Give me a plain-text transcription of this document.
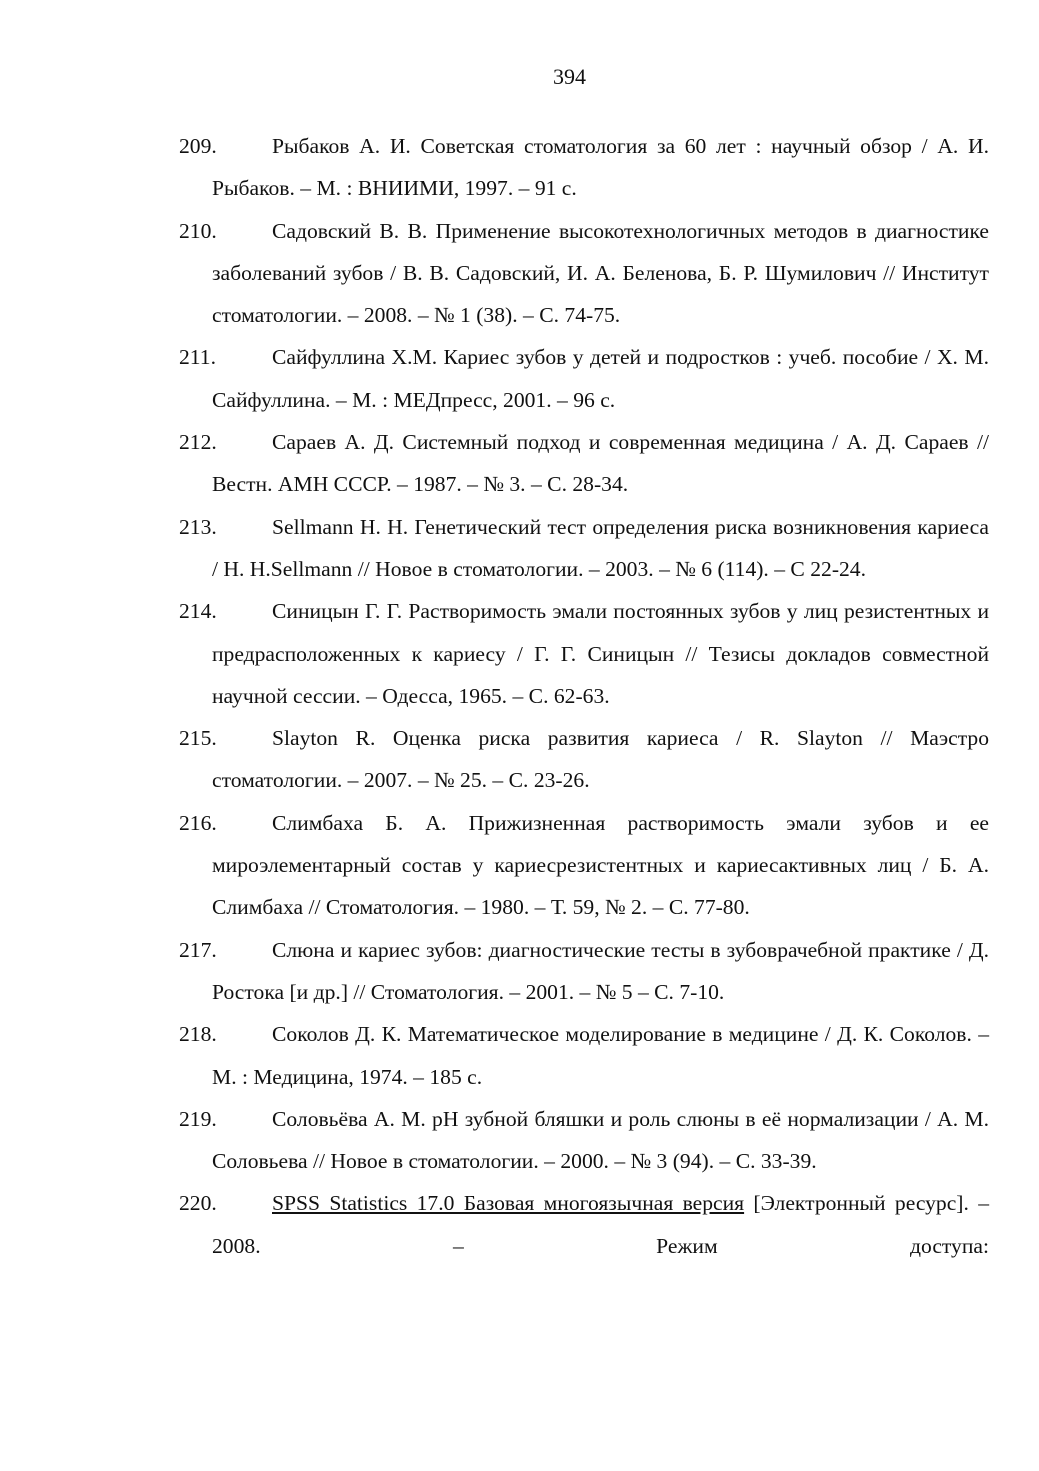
394
209.	Рыбаков А. И. Советская стоматология за 60 лет : научный обзор / А. И. Рыбаков. – М. : ВНИИМИ, 1997. – 91 с.
210.	Садовский В. В. Применение высокотехнологичных методов в диагностике заболеваний зубов / В. В. Садовский, И. А. Беленова, Б. Р. Шумилович // Институт стоматологии. – 2008. – № 1 (38). – С. 74-75.
211.	Сайфуллина Х.М. Кариес зубов у детей и подростков : учеб. пособие / Х. М. Сайфуллина. – М. : МЕДпресс, 2001. – 96 с.
212.	Сараев А. Д. Системный подход и современная медицина / А. Д. Сараев // Вестн. АМН СССР. – 1987. – № 3. – С. 28-34.
213.	Sellmann H. H. Генетический тест определения риска возникновения кариеса / H. H.Sellmann // Новое в стоматологии. – 2003. – № 6 (114). – С 22-24.
214.	Синицын Г. Г. Растворимость эмали постоянных зубов у лиц резистентных и предрасположенных к кариесу / Г. Г. Синицын // Тезисы докладов совместной научной сессии. – Одесса, 1965. – С. 62-63.
215.	Slayton R. Оценка риска развития кариеса / R. Slayton // Маэстро стоматологии. – 2007. – № 25. – С. 23-26.
216.	Слимбаха Б. А. Прижизненная растворимость эмали зубов и ее мироэлементарный состав у кариесрезистентных и кариесактивных лиц / Б. А. Слимбаха // Стоматология. – 1980. – Т. 59, № 2. – С. 77-80.
217.	Слюна и кариес зубов: диагностические тесты в зубоврачебной практике / Д. Ростока [и др.] // Стоматология. – 2001. – № 5 – С. 7-10.
218.	Соколов Д. К. Математическое моделирование в медицине / Д. К. Соколов. – М. : Медицина, 1974. – 185 с.
219.	Соловьёва А. М. pH зубной бляшки и роль слюны в её нормализации / А. М. Соловьева // Новое в стоматологии. – 2000. – № 3 (94). – С. 33-39.
220.	SPSS Statistics 17.0 Базовая многоязычная версия [Электронный ресурс]. – 2008. – Режим доступа:
